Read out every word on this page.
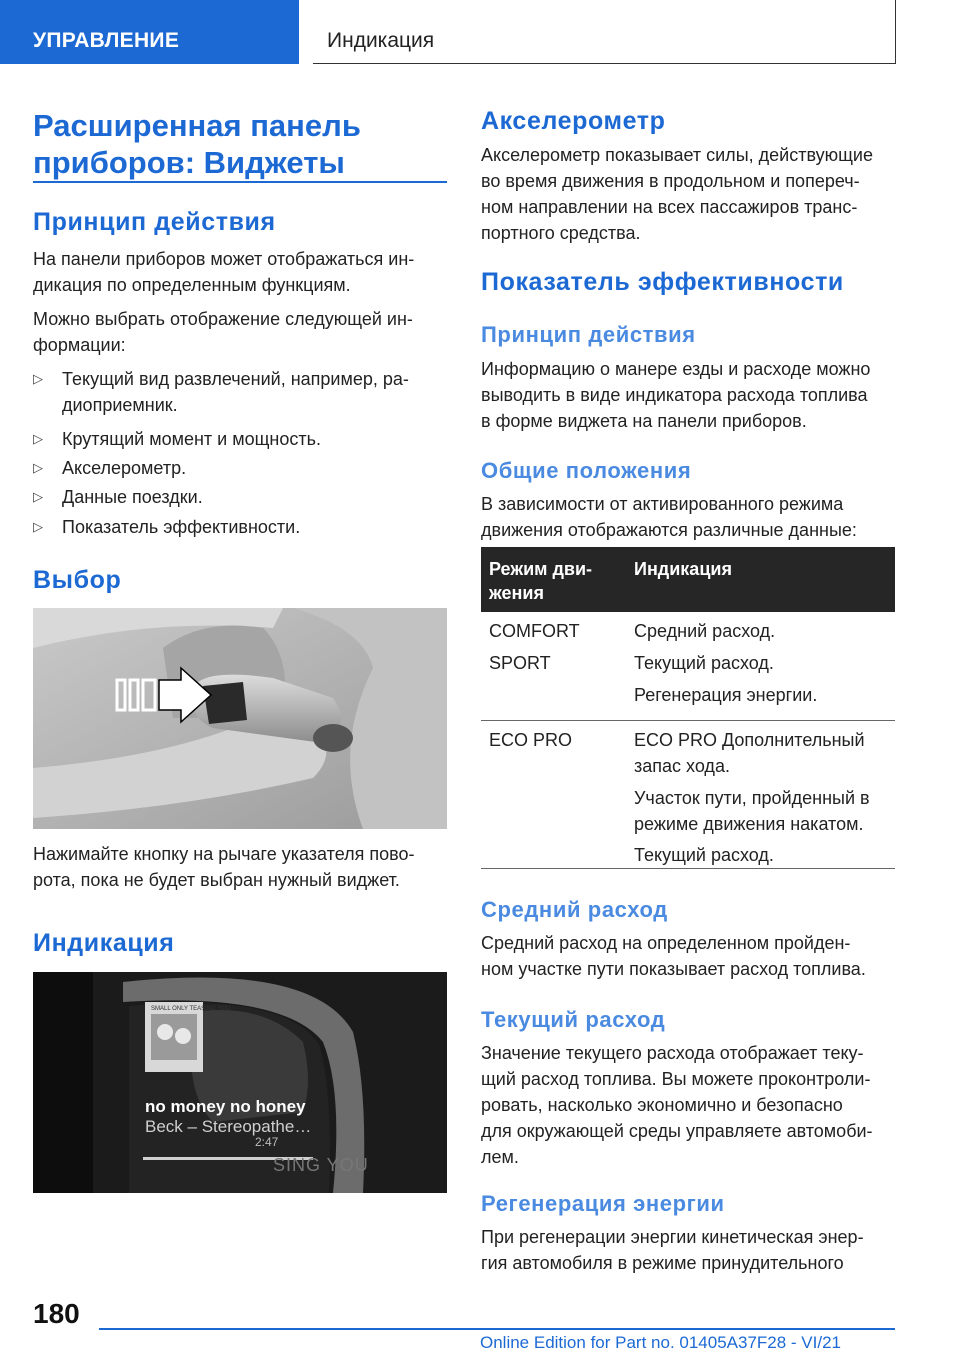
УПРАВЛЕНИЕ	Индикация
Расширенная панель
приборов: Виджеты
Принцип действия
На панели приборов может отображаться ин-
дикация по определенным функциям.
Можно выбрать отображение следующей ин-
формации:
▷ Текущий вид развлечений, например, ра-
диоприемник.
▷ Крутящий момент и мощность.
▷ Акселерометр.
▷ Данные поездки.
▷ Показатель эффективности.
Выбор
Нажимайте кнопку на рычаге указателя пово-
рота, пока не будет выбран нужный виджет.
Индикация
SMALL ONLY TEASING YOU
no money no honey
Beck – Stereopathe…
2:47
SING YOU
Акселерометр
Акселерометр показывает силы, действующие
во время движения в продольном и попереч-
ном направлении на всех пассажиров транс-
портного средства.
Показатель эффективности
Принцип действия
Информацию о манере езды и расходе можно
выводить в виде индикатора расхода топлива
в форме виджета на панели приборов.
Общие положения
В зависимости от активированного режима
движения отображаются различные данные:
Режим дви-
жения
Индикация
COMFORT
SPORT
Средний расход.
Текущий расход.
Регенерация энергии.
ECO PRO	ECO PRO Дополнительный
запас хода.
Участок пути, пройденный в
режиме движения накатом.
Текущий расход.
Средний расход
Средний расход на определенном пройден-
ном участке пути показывает расход топлива.
Текущий расход
Значение текущего расхода отображает теку-
щий расход топлива. Вы можете проконтроли-
ровать, насколько экономично и безопасно
для окружающей среды управляете автомоби-
лем.
Регенерация энергии
При регенерации энергии кинетическая энер-
гия автомобиля в режиме принудительного
180
Online Edition for Part no. 01405A37F28 - VI/21
